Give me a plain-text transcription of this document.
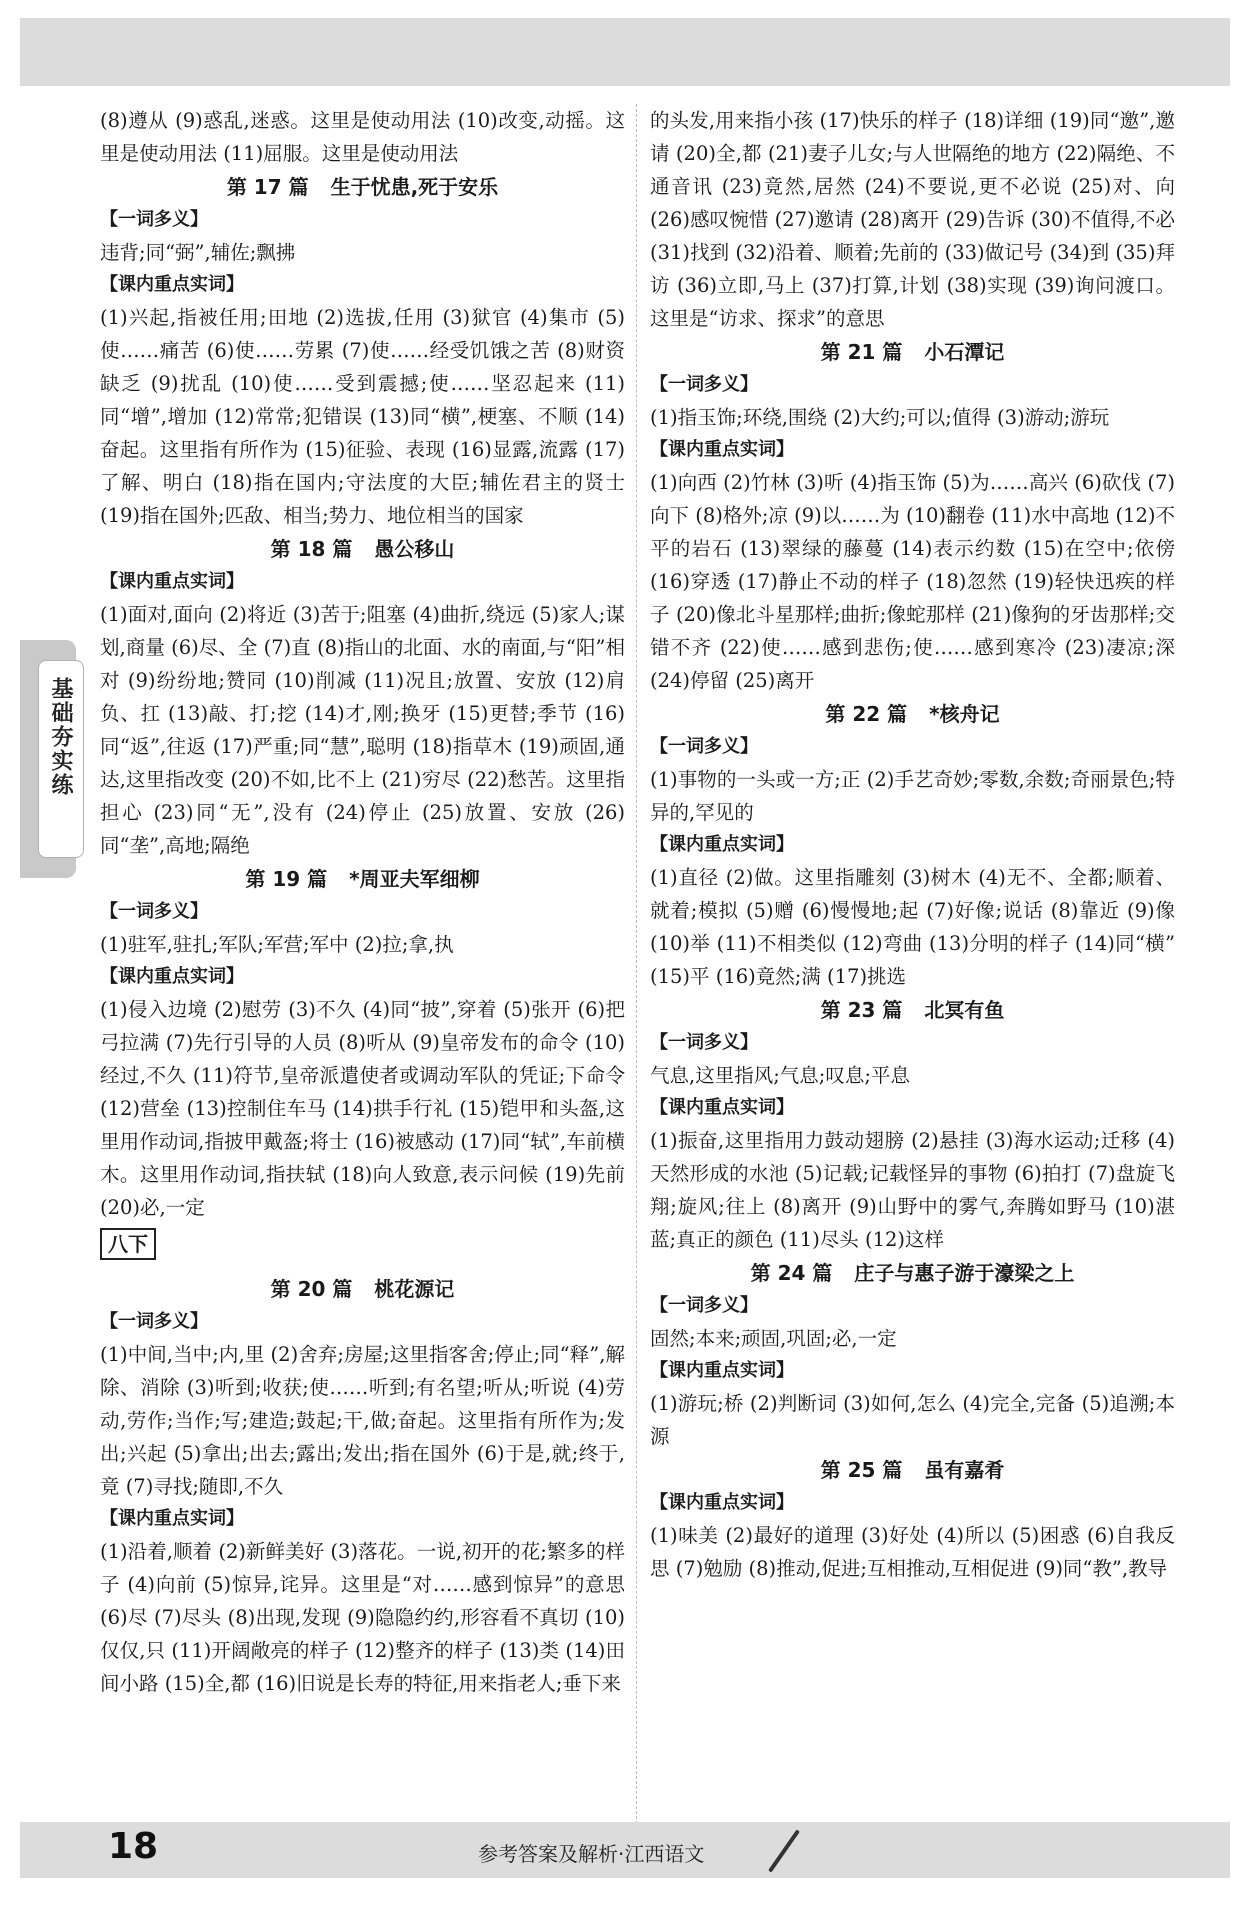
基础夯实练

(8)遵从 (9)惑乱,迷惑。这里是使动用法 (10)改变,动摇。这里是使动用法 (11)屈服。这里是使动用法

第 17 篇 生于忧患,死于安乐
【一词多义】

违背;同“弼”,辅佐;飘拂

【课内重点实词】

(1)兴起,指被任用;田地 (2)选拔,任用 (3)狱官 (4)集市 (5)使……痛苦 (6)使……劳累 (7)使……经受饥饿之苦 (8)财资缺乏 (9)扰乱 (10)使……受到震撼;使……坚忍起来 (11)同“增”,增加 (12)常常;犯错误 (13)同“横”,梗塞、不顺 (14)奋起。这里指有所作为 (15)征验、表现 (16)显露,流露 (17)了解、明白 (18)指在国内;守法度的大臣;辅佐君主的贤士 (19)指在国外;匹敌、相当;势力、地位相当的国家

第 18 篇 愚公移山
【课内重点实词】

(1)面对,面向 (2)将近 (3)苦于;阻塞 (4)曲折,绕远 (5)家人;谋划,商量 (6)尽、全 (7)直 (8)指山的北面、水的南面,与“阳”相对 (9)纷纷地;赞同 (10)削减 (11)况且;放置、安放 (12)肩负、扛 (13)敲、打;挖 (14)才,刚;换牙 (15)更替;季节 (16)同“返”,往返 (17)严重;同“慧”,聪明 (18)指草木 (19)顽固,通达,这里指改变 (20)不如,比不上 (21)穷尽 (22)愁苦。这里指担心 (23)同“无”,没有 (24)停止 (25)放置、安放 (26)同“垄”,高地;隔绝

第 19 篇 *周亚夫军细柳
【一词多义】

(1)驻军,驻扎;军队;军营;军中 (2)拉;拿,执

【课内重点实词】

(1)侵入边境 (2)慰劳 (3)不久 (4)同“披”,穿着 (5)张开 (6)把弓拉满 (7)先行引导的人员 (8)听从 (9)皇帝发布的命令 (10)经过,不久 (11)符节,皇帝派遣使者或调动军队的凭证;下命令 (12)营垒 (13)控制住车马 (14)拱手行礼 (15)铠甲和头盔,这里用作动词,指披甲戴盔;将士 (16)被感动 (17)同“轼”,车前横木。这里用作动词,指扶轼 (18)向人致意,表示问候 (19)先前 (20)必,一定

八下
第 20 篇 桃花源记
【一词多义】

(1)中间,当中;内,里 (2)舍弃;房屋;这里指客舍;停止;同“释”,解除、消除 (3)听到;收获;使……听到;有名望;听从;听说 (4)劳动,劳作;当作;写;建造;鼓起;干,做;奋起。这里指有所作为;发出;兴起 (5)拿出;出去;露出;发出;指在国外 (6)于是,就;终于,竟 (7)寻找;随即,不久

【课内重点实词】

(1)沿着,顺着 (2)新鲜美好 (3)落花。一说,初开的花;繁多的样子 (4)向前 (5)惊异,诧异。这里是“对……感到惊异”的意思 (6)尽 (7)尽头 (8)出现,发现 (9)隐隐约约,形容看不真切 (10)仅仅,只 (11)开阔敞亮的样子 (12)整齐的样子 (13)类 (14)田间小路 (15)全,都 (16)旧说是长寿的特征,用来指老人;垂下来

的头发,用来指小孩 (17)快乐的样子 (18)详细 (19)同“邀”,邀请 (20)全,都 (21)妻子儿女;与人世隔绝的地方 (22)隔绝、不通音讯 (23)竟然,居然 (24)不要说,更不必说 (25)对、向 (26)感叹惋惜 (27)邀请 (28)离开 (29)告诉 (30)不值得,不必 (31)找到 (32)沿着、顺着;先前的 (33)做记号 (34)到 (35)拜访 (36)立即,马上 (37)打算,计划 (38)实现 (39)询问渡口。这里是“访求、探求”的意思

第 21 篇 小石潭记
【一词多义】

(1)指玉饰;环绕,围绕 (2)大约;可以;值得 (3)游动;游玩

【课内重点实词】

(1)向西 (2)竹林 (3)听 (4)指玉饰 (5)为……高兴 (6)砍伐 (7)向下 (8)格外;凉 (9)以……为 (10)翻卷 (11)水中高地 (12)不平的岩石 (13)翠绿的藤蔓 (14)表示约数 (15)在空中;依傍 (16)穿透 (17)静止不动的样子 (18)忽然 (19)轻快迅疾的样子 (20)像北斗星那样;曲折;像蛇那样 (21)像狗的牙齿那样;交错不齐 (22)使……感到悲伤;使……感到寒冷 (23)凄凉;深 (24)停留 (25)离开

第 22 篇 *核舟记
【一词多义】

(1)事物的一头或一方;正 (2)手艺奇妙;零数,余数;奇丽景色;特异的,罕见的

【课内重点实词】

(1)直径 (2)做。这里指雕刻 (3)树木 (4)无不、全都;顺着、就着;模拟 (5)赠 (6)慢慢地;起 (7)好像;说话 (8)靠近 (9)像 (10)举 (11)不相类似 (12)弯曲 (13)分明的样子 (14)同“横” (15)平 (16)竟然;满 (17)挑选

第 23 篇 北冥有鱼
【一词多义】

气息,这里指风;气息;叹息;平息

【课内重点实词】

(1)振奋,这里指用力鼓动翅膀 (2)悬挂 (3)海水运动;迁移 (4)天然形成的水池 (5)记载;记载怪异的事物 (6)拍打 (7)盘旋飞翔;旋风;往上 (8)离开 (9)山野中的雾气,奔腾如野马 (10)湛蓝;真正的颜色 (11)尽头 (12)这样

第 24 篇 庄子与惠子游于濠梁之上
【一词多义】

固然;本来;顽固,巩固;必,一定

【课内重点实词】

(1)游玩;桥 (2)判断词 (3)如何,怎么 (4)完全,完备 (5)追溯;本源

第 25 篇 虽有嘉肴
【课内重点实词】

(1)味美 (2)最好的道理 (3)好处 (4)所以 (5)困惑 (6)自我反思 (7)勉励 (8)推动,促进;互相推动,互相促进 (9)同“教”,教导

18	参考答案及解析·江西语文
